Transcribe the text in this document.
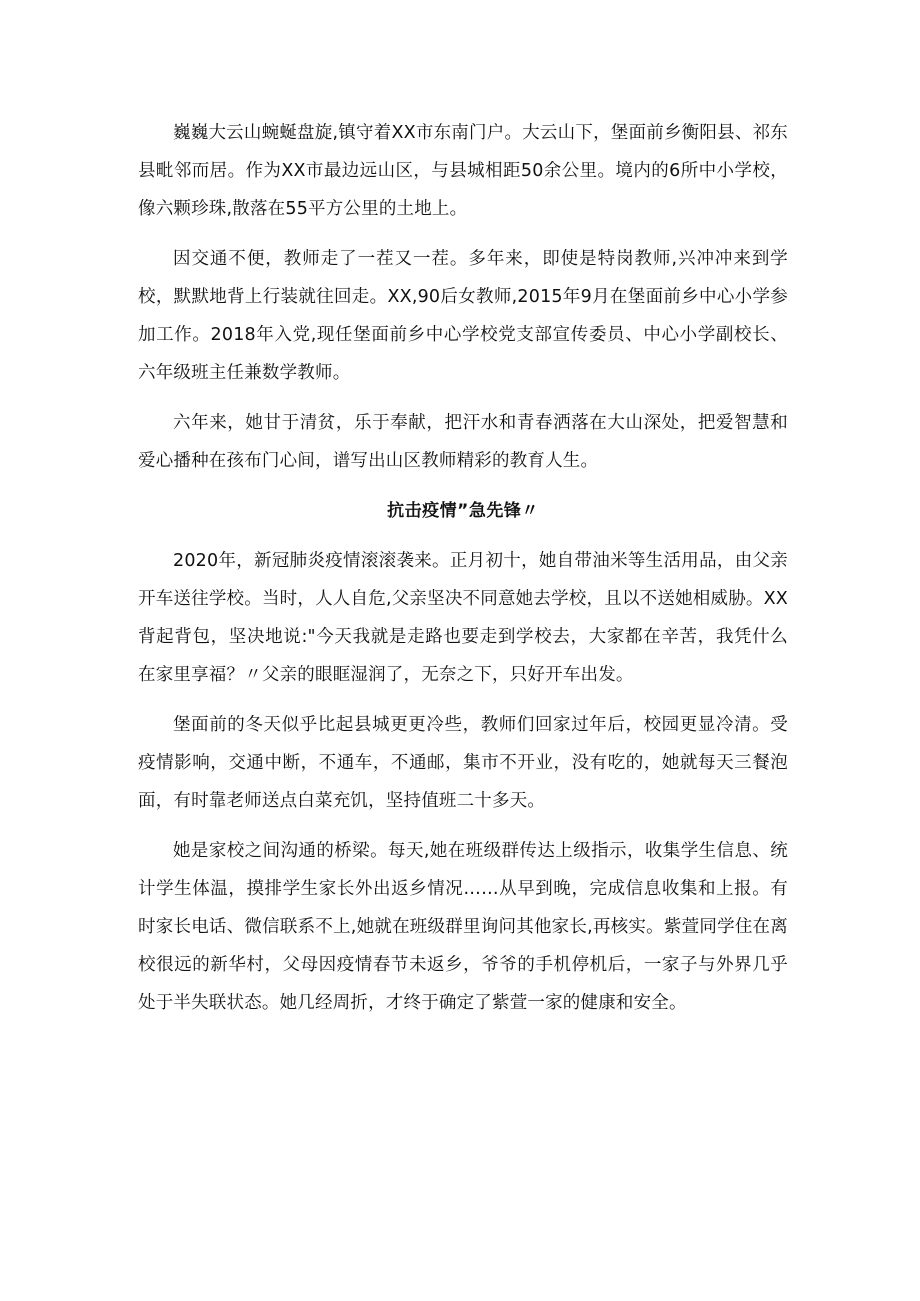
巍巍大云山蜿蜒盘旋,镇守着XX市东南门户。大云山下，堡面前乡衡阳县、祁东县毗邻而居。作为XX市最边远山区，与县城相距50余公里。境内的6所中小学校，像六颗珍珠,散落在55平方公里的土地上。

因交通不便，教师走了一茬又一茬。多年来，即使是特岗教师,兴冲冲来到学校，默默地背上行装就往回走。XX,90后女教师,2015年9月在堡面前乡中心小学参加工作。2018年入党,现任堡面前乡中心学校党支部宣传委员、中心小学副校长、六年级班主任兼数学教师。

六年来，她甘于清贫，乐于奉献，把汗水和青春洒落在大山深处，把爱智慧和爱心播种在孩布门心间，谱写出山区教师精彩的教育人生。

抗击疫情”急先锋〃

2020年，新冠肺炎疫情滚滚袭来。正月初十，她自带油米等生活用品，由父亲开车送往学校。当时，人人自危,父亲坚决不同意她去学校，且以不送她相威胁。XX背起背包，坚决地说:"今天我就是走路也要走到学校去，大家都在辛苦，我凭什么在家里享福？〃父亲的眼眶湿润了，无奈之下，只好开车出发。

堡面前的冬天似乎比起县城更更冷些，教师们回家过年后，校园更显冷清。受疫情影响，交通中断，不通车，不通邮，集市不开业，没有吃的，她就每天三餐泡面，有时靠老师送点白菜充饥，坚持值班二十多天。

她是家校之间沟通的桥梁。每天,她在班级群传达上级指示，收集学生信息、统计学生体温，摸排学生家长外出返乡情况……从早到晚，完成信息收集和上报。有时家长电话、微信联系不上,她就在班级群里询问其他家长,再核实。紫萱同学住在离校很远的新华村，父母因疫情春节未返乡，爷爷的手机停机后，一家子与外界几乎处于半失联状态。她几经周折，才终于确定了紫萱一家的健康和安全。
